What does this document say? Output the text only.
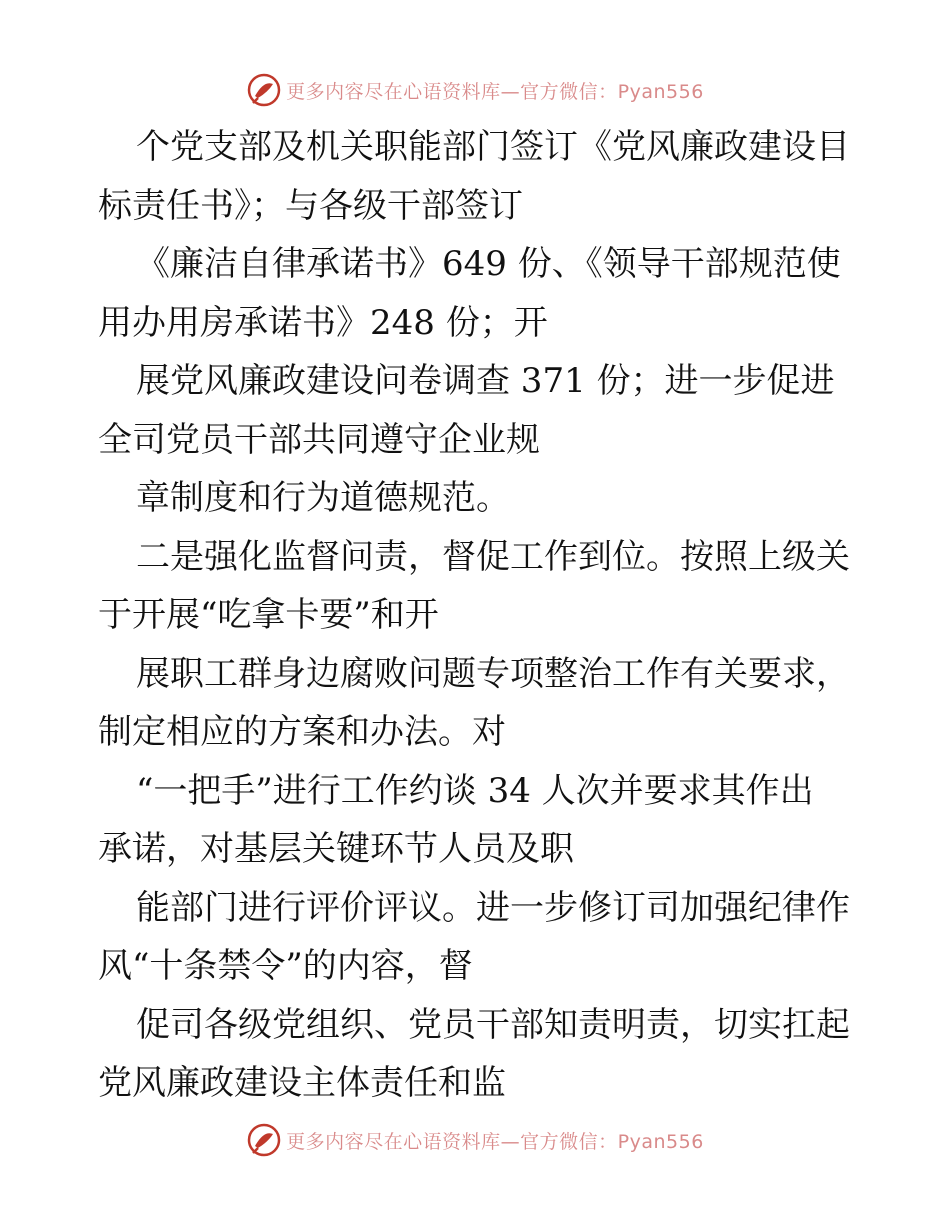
更多内容尽在心语资料库—官方微信：Pyan556
个党支部及机关职能部门签订《党风廉政建设目
标责任书》；与各级干部签订
《廉洁自律承诺书》649 份、《领导干部规范使
用办用房承诺书》248 份；开
展党风廉政建设问卷调查 371 份；进一步促进
全司党员干部共同遵守企业规
章制度和行为道德规范。
二是强化监督问责，督促工作到位。按照上级关
于开展“吃拿卡要”和开
展职工群身边腐败问题专项整治工作有关要求，
制定相应的方案和办法。对
“一把手”进行工作约谈 34 人次并要求其作出
承诺，对基层关键环节人员及职
能部门进行评价评议。进一步修订司加强纪律作
风“十条禁令”的内容，督
促司各级党组织、党员干部知责明责，切实扛起
党风廉政建设主体责任和监
更多内容尽在心语资料库—官方微信：Pyan556
